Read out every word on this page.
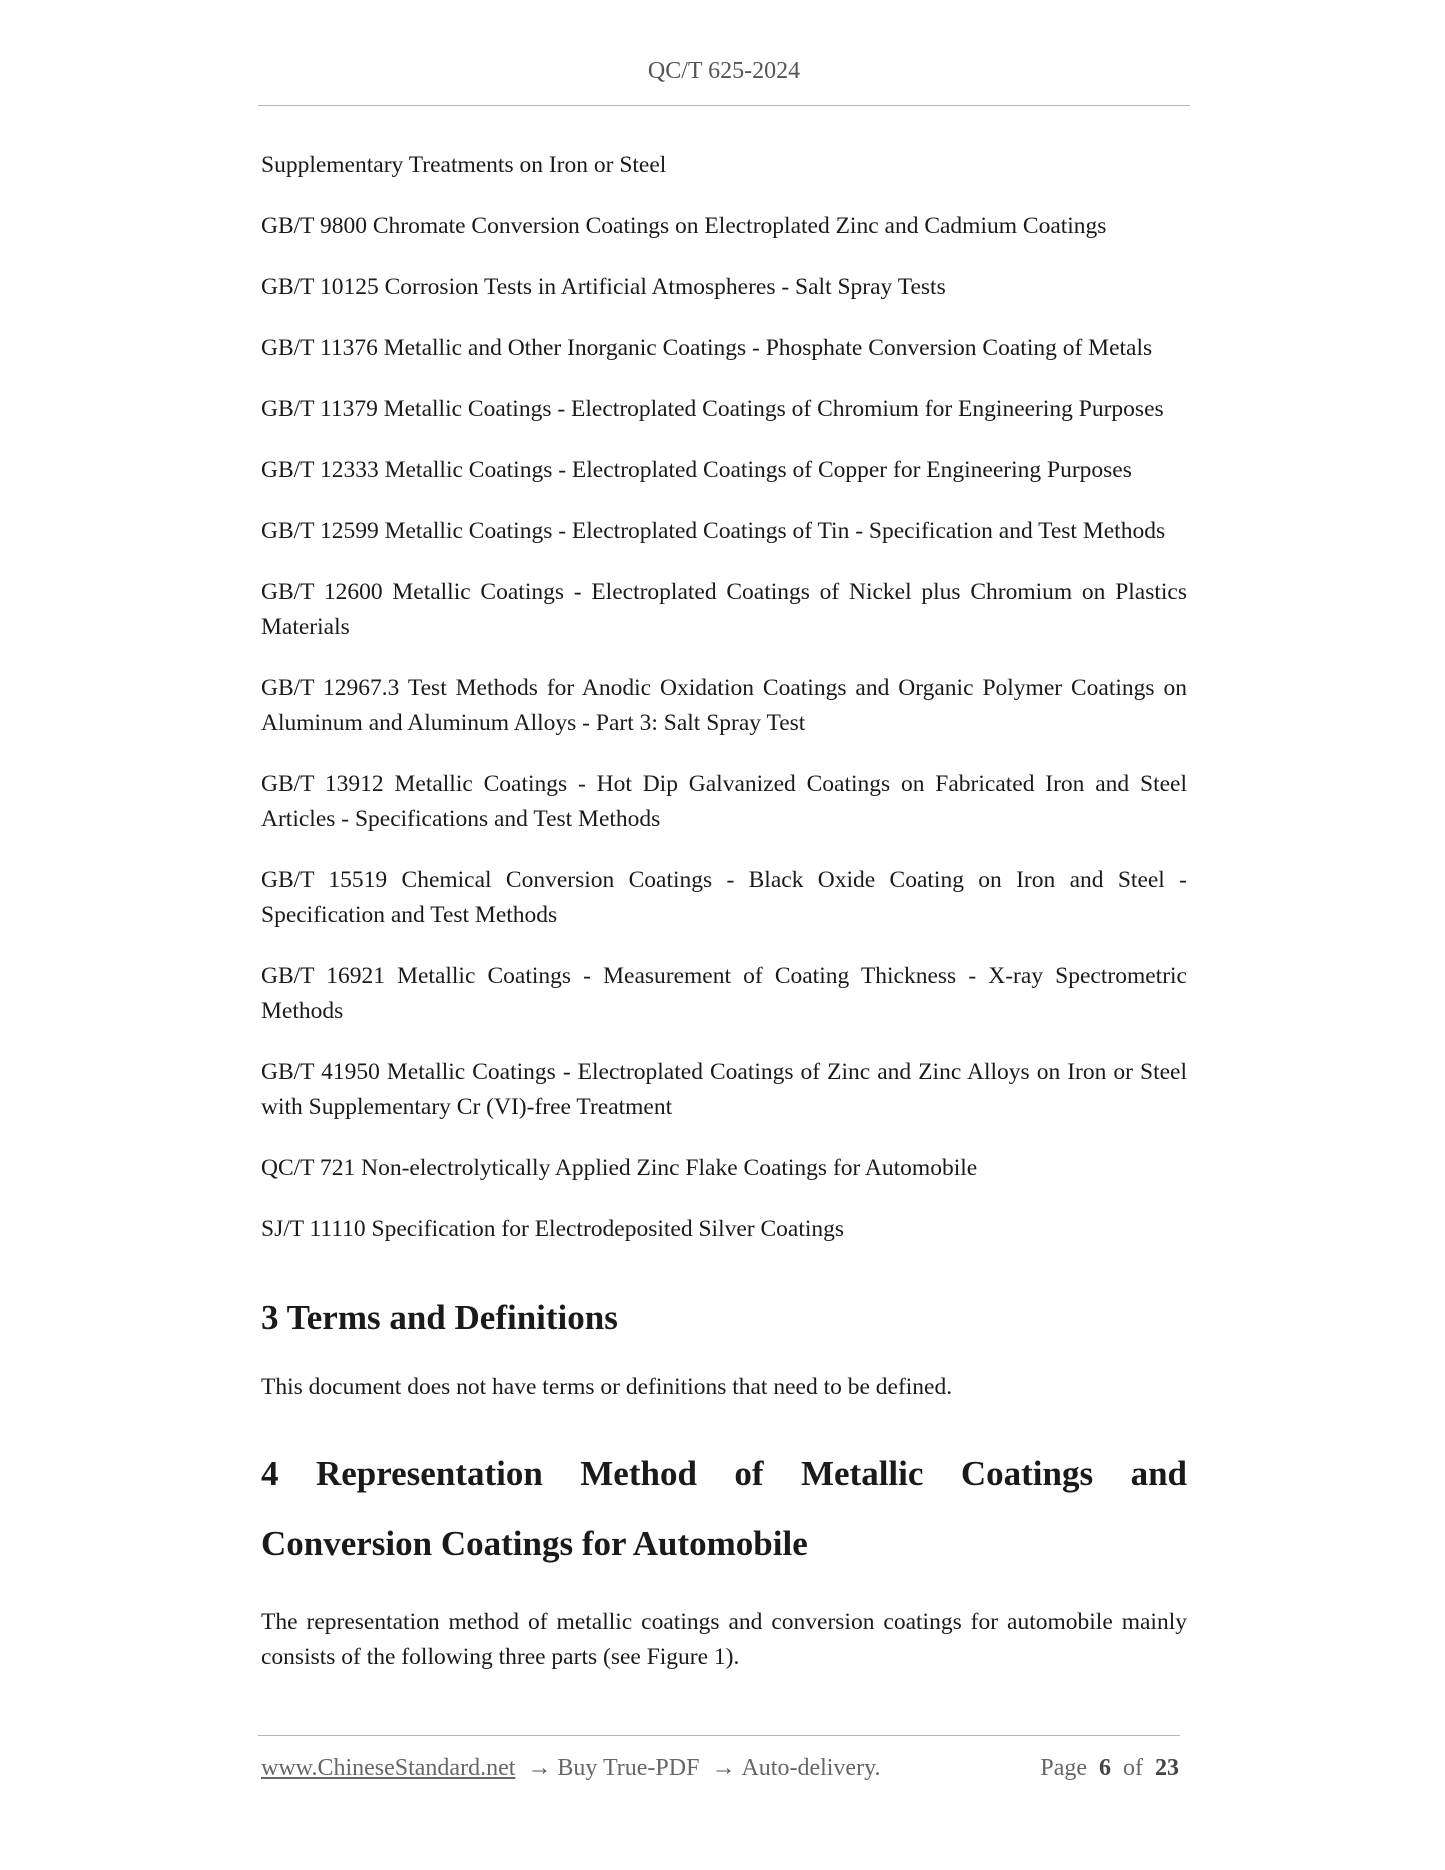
QC/T 625-2024

Supplementary Treatments on Iron or Steel

GB/T 9800 Chromate Conversion Coatings on Electroplated Zinc and Cadmium Coatings

GB/T 10125 Corrosion Tests in Artificial Atmospheres - Salt Spray Tests

GB/T 11376 Metallic and Other Inorganic Coatings - Phosphate Conversion Coating of Metals

GB/T 11379 Metallic Coatings - Electroplated Coatings of Chromium for Engineering Purposes

GB/T 12333 Metallic Coatings - Electroplated Coatings of Copper for Engineering Purposes

GB/T 12599 Metallic Coatings - Electroplated Coatings of Tin - Specification and Test Methods

GB/T 12600 Metallic Coatings - Electroplated Coatings of Nickel plus Chromium on Plastics Materials

GB/T 12967.3 Test Methods for Anodic Oxidation Coatings and Organic Polymer Coatings on Aluminum and Aluminum Alloys - Part 3: Salt Spray Test

GB/T 13912 Metallic Coatings - Hot Dip Galvanized Coatings on Fabricated Iron and Steel Articles - Specifications and Test Methods

GB/T 15519 Chemical Conversion Coatings - Black Oxide Coating on Iron and Steel - Specification and Test Methods

GB/T 16921 Metallic Coatings - Measurement of Coating Thickness - X-ray Spectrometric Methods

GB/T 41950 Metallic Coatings - Electroplated Coatings of Zinc and Zinc Alloys on Iron or Steel with Supplementary Cr (VI)-free Treatment

QC/T 721 Non-electrolytically Applied Zinc Flake Coatings for Automobile

SJ/T 11110 Specification for Electrodeposited Silver Coatings

3 Terms and Definitions

This document does not have terms or definitions that need to be defined.

4 Representation Method of Metallic Coatings and Conversion Coatings for Automobile

The representation method of metallic coatings and conversion coatings for automobile mainly consists of the following three parts (see Figure 1).

www.ChineseStandard.net → Buy True-PDF → Auto-delivery.	Page 6 of 23
